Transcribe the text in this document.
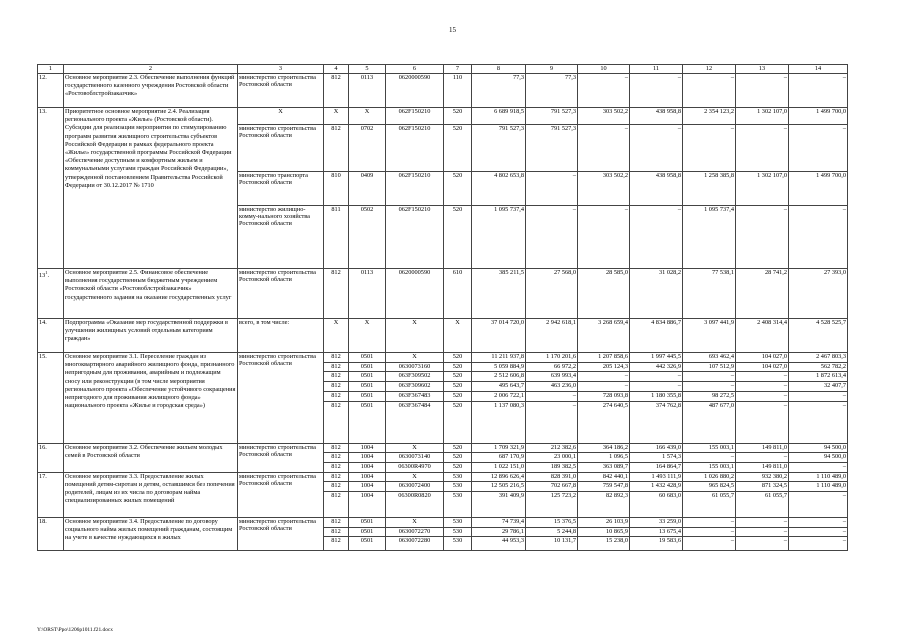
15
1	2	3	4	5	6	7	8	9	10	11	12	13	14
12.	Основное мероприятие 2.3. Обеспечение выполнения функций государственного казенного учреждения Ростовской области «Ростовоблстройзаказчик»	министерство строительства Ростовской области	812	0113	0620000590	110	77,3	77,3	–	–	–	–	–
13.	Приоритетное основное мероприятие 2.4. Реализация регионального проекта «Жилье» (Ростовской области). Субсидии для реализации мероприятия по стимулированию программ развития жилищного строительства субъектов Российской Федерации в рамках федерального проекта «Жилье» государственной программы Российской Федерации «Обеспечение доступным и комфортным жильем и коммунальными услугами граждан Российской Федерации», утвержденной постановлением Правительства Российской Федерации от 30.12.2017 № 1710	X	X	X	062F150210	520	6 689 918,5	791 527,3	303 502,2	438 958,8	2 354 123,2	1 302 107,0	1 499 700,0
		министерство строительства Ростовской области	812	0702	062F150210	520	791 527,3	791 527,3	–	–	–	–	–
		министерство транспорта Ростовской области	810	0409	062F150210	520	4 802 653,8	–	303 502,2	438 958,8	1 258 385,8	1 302 107,0	1 499 700,0
		министерство жилищно-комму-нального хозяйства Ростовской области	811	0502	062F150210	520	1 095 737,4	–	–	–	1 095 737,4	–	–
$13^1$.	Основное мероприятие 2.5. Финансовое обеспечение выполнения государственным бюджетным учреждением Ростовской области «Ростовоблстройзаказчик» государственного задания на оказание государственных услуг	министерство строительства Ростовской области	812	0113	0620000590	610	385 211,5	27 568,0	28 585,0	31 028,2	77 538,1	28 741,2	27 393,0
14.	Подпрограмма «Оказание мер государственной поддержки в улучшении жилищных условий отдельным категориям граждан»	всего, в том числе:	X	X	X	X	37 014 720,0	2 942 618,1	3 268 659,4	4 834 886,7	3 097 441,9	2 408 314,4	4 528 525,7
15.	Основное мероприятие 3.1. Переселение граждан из многоквартирного аварийного жилищного фонда, признанного непригодным для проживания, аварийным и подлежащим сносу или реконструкции (в том числе мероприятия регионального проекта «Обеспечение устойчивого сокращения непригодного для проживания жилищного фонда» национального проекта «Жилье и городская среда»)	министерство строительства Ростовской области	812	0501	X	520	11 211 937,8	1 170 201,6	1 207 858,6	1 997 445,5	693 462,4	104 027,0	2 467 803,3
			812	0501	0630073160	520	5 059 884,9	66 972,2	205 124,3	442 326,9	107 512,9	104 027,0	562 782,2
			812	0501	063F309502	520	2 512 606,8	639 993,4	–	–	–	–	1 872 613,4
			812	0501	063F309602	520	495 643,7	463 236,0	–	–	–	–	32 407,7
			812	0501	063F367483	520	2 006 722,1	–	728 093,8	1 180 355,8	98 272,5	–	–
			812	0501	063F367484	520	1 137 080,3	–	274 640,5	374 762,8	487 677,0	–	–
16.	Основное мероприятие 3.2. Обеспечение жильем молодых семей в Ростовской области	министерство строительства Ростовской области	812	1004	X	520	1 709 321,9	212 382,6	364 186,2	166 439,0	155 003,1	149 811,0	94 500,0
			812	1004	0630073140	520	687 170,9	23 000,1	1 096,5	1 574,3	–	–	94 500,0
			812	1004	06300R4970	520	1 022 151,0	189 382,5	363 089,7	164 864,7	155 003,1	149 811,0	–
17.	Основное мероприятие 3.3. Предоставление жилых помещений детям-сиротам и детям, оставшимся без попечения родителей, лицам из их числа по договорам найма специализированных жилых помещений	министерство строительства Ростовской области	812	1004	X	530	12 896 626,4	828 391,0	842 440,1	1 493 111,9	1 026 880,2	932 380,2	1 110 489,0
			812	1004	0630072400	530	12 505 216,5	702 667,8	759 547,8	1 432 428,9	965 824,5	871 324,5	1 110 489,0
			812	1004	06300R0820	530	391 409,9	125 723,2	82 892,3	60 683,0	61 055,7	61 055,7	–
18.	Основное мероприятие 3.4. Предоставление по договору социального найма жилых помещений гражданам, состоящим на учете в качестве нуждающихся в жилых	министерство строительства Ростовской области	812	0501	X	530	74 739,4	15 376,5	26 103,9	33 259,0	–	–	–
			812	0501	0630072270	530	29 786,1	5 244,8	10 865,9	13 675,4	–	–	–
			812	0501	0630072280	530	44 953,3	10 131,7	15 238,0	19 583,6	–	–	–
Y:\ORST\Ppo\1206p1011.f21.docx
